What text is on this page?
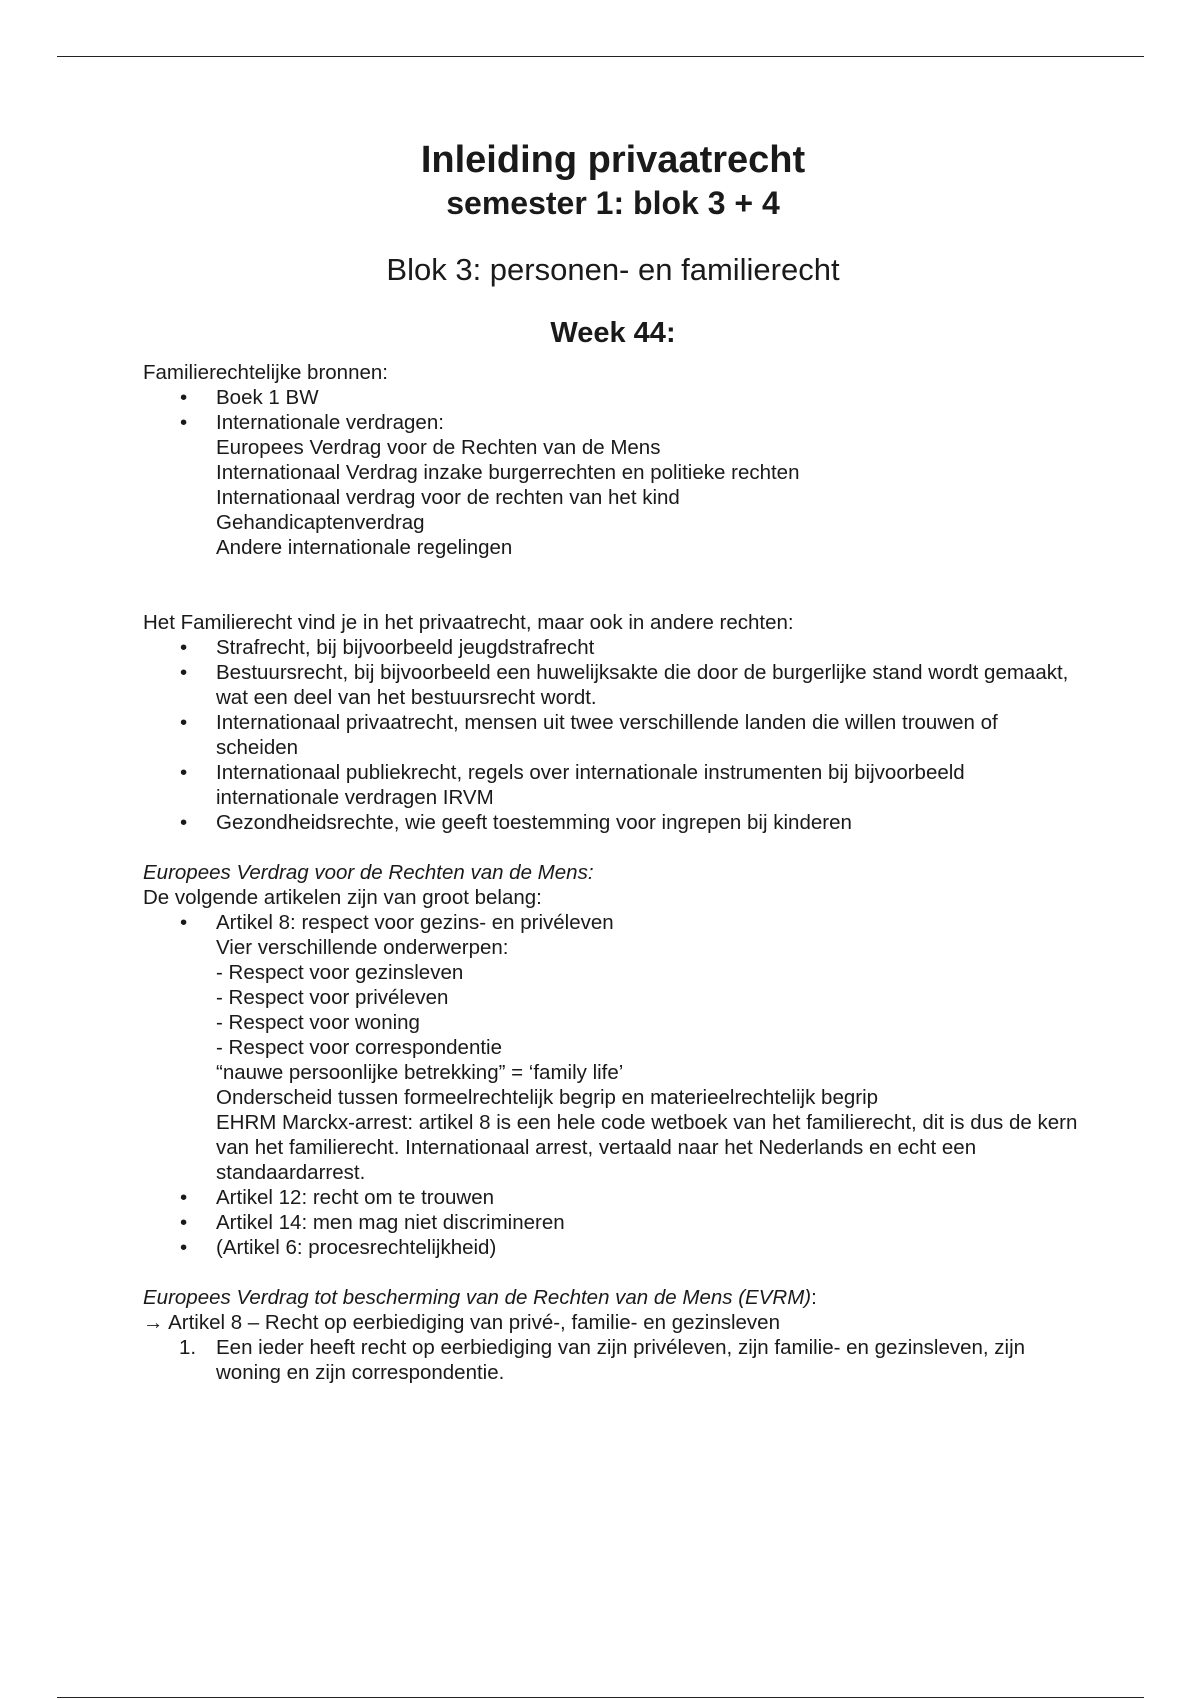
Inleiding privaatrecht
semester 1: blok 3 + 4
Blok 3: personen- en familierecht
Week 44:

Familierechtelijke bronnen:

• Boek 1 BW
• Internationale verdragen:
Europees Verdrag voor de Rechten van de Mens
Internationaal Verdrag inzake burgerrechten en politieke rechten
Internationaal verdrag voor de rechten van het kind
Gehandicaptenverdrag
Andere internationale regelingen

Het Familierecht vind je in het privaatrecht, maar ook in andere rechten:

• Strafrecht, bij bijvoorbeeld jeugdstrafrecht
• Bestuursrecht, bij bijvoorbeeld een huwelijksakte die door de burgerlijke stand wordt gemaakt, wat een deel van het bestuursrecht wordt.
• Internationaal privaatrecht, mensen uit twee verschillende landen die willen trouwen of scheiden
• Internationaal publiekrecht, regels over internationale instrumenten bij bijvoorbeeld internationale verdragen IRVM
• Gezondheidsrechte, wie geeft toestemming voor ingrepen bij kinderen

Europees Verdrag voor de Rechten van de Mens:

De volgende artikelen zijn van groot belang:

• Artikel 8: respect voor gezins- en privéleven
Vier verschillende onderwerpen:
- Respect voor gezinsleven
- Respect voor privéleven
- Respect voor woning
- Respect voor correspondentie
“nauwe persoonlijke betrekking” = ‘family life’
Onderscheid tussen formeelrechtelijk begrip en materieelrechtelijk begrip
EHRM Marckx-arrest: artikel 8 is een hele code wetboek van het familierecht, dit is dus de kern van het familierecht. Internationaal arrest, vertaald naar het Nederlands en echt een standaardarrest.
• Artikel 12: recht om te trouwen
• Artikel 14: men mag niet discrimineren
• (Artikel 6: procesrechtelijkheid)

Europees Verdrag tot bescherming van de Rechten van de Mens (EVRM):

→ Artikel 8 – Recht op eerbiediging van privé-, familie- en gezinsleven

1. Een ieder heeft recht op eerbiediging van zijn privéleven, zijn familie- en gezinsleven, zijn woning en zijn correspondentie.
